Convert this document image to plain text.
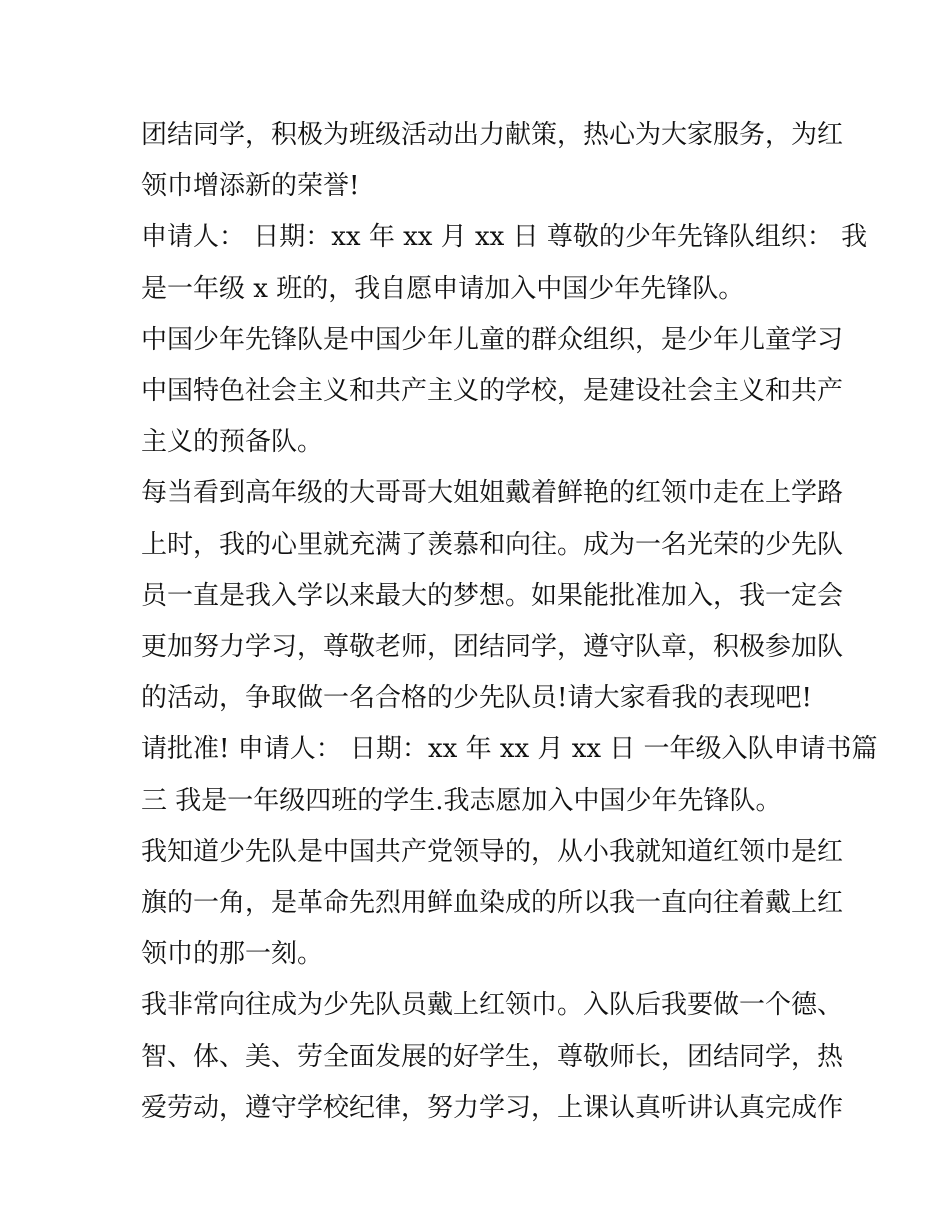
团结同学，积极为班级活动出力献策，热心为大家服务，为红
领巾增添新的荣誉!
申请人： 日期：xx 年 xx 月 xx 日 尊敬的少年先锋队组织： 我
是一年级 x 班的，我自愿申请加入中国少年先锋队。
中国少年先锋队是中国少年儿童的群众组织，是少年儿童学习
中国特色社会主义和共产主义的学校，是建设社会主义和共产
主义的预备队。
每当看到高年级的大哥哥大姐姐戴着鲜艳的红领巾走在上学路
上时，我的心里就充满了羡慕和向往。成为一名光荣的少先队
员一直是我入学以来最大的梦想。如果能批准加入，我一定会
更加努力学习，尊敬老师，团结同学，遵守队章，积极参加队
的活动，争取做一名合格的少先队员!请大家看我的表现吧!
请批准! 申请人： 日期：xx 年 xx 月 xx 日 一年级入队申请书篇
三 我是一年级四班的学生.我志愿加入中国少年先锋队。
我知道少先队是中国共产党领导的，从小我就知道红领巾是红
旗的一角，是革命先烈用鲜血染成的所以我一直向往着戴上红
领巾的那一刻。
我非常向往成为少先队员戴上红领巾。入队后我要做一个德、
智、体、美、劳全面发展的好学生，尊敬师长，团结同学，热
爱劳动，遵守学校纪律，努力学习，上课认真听讲认真完成作
